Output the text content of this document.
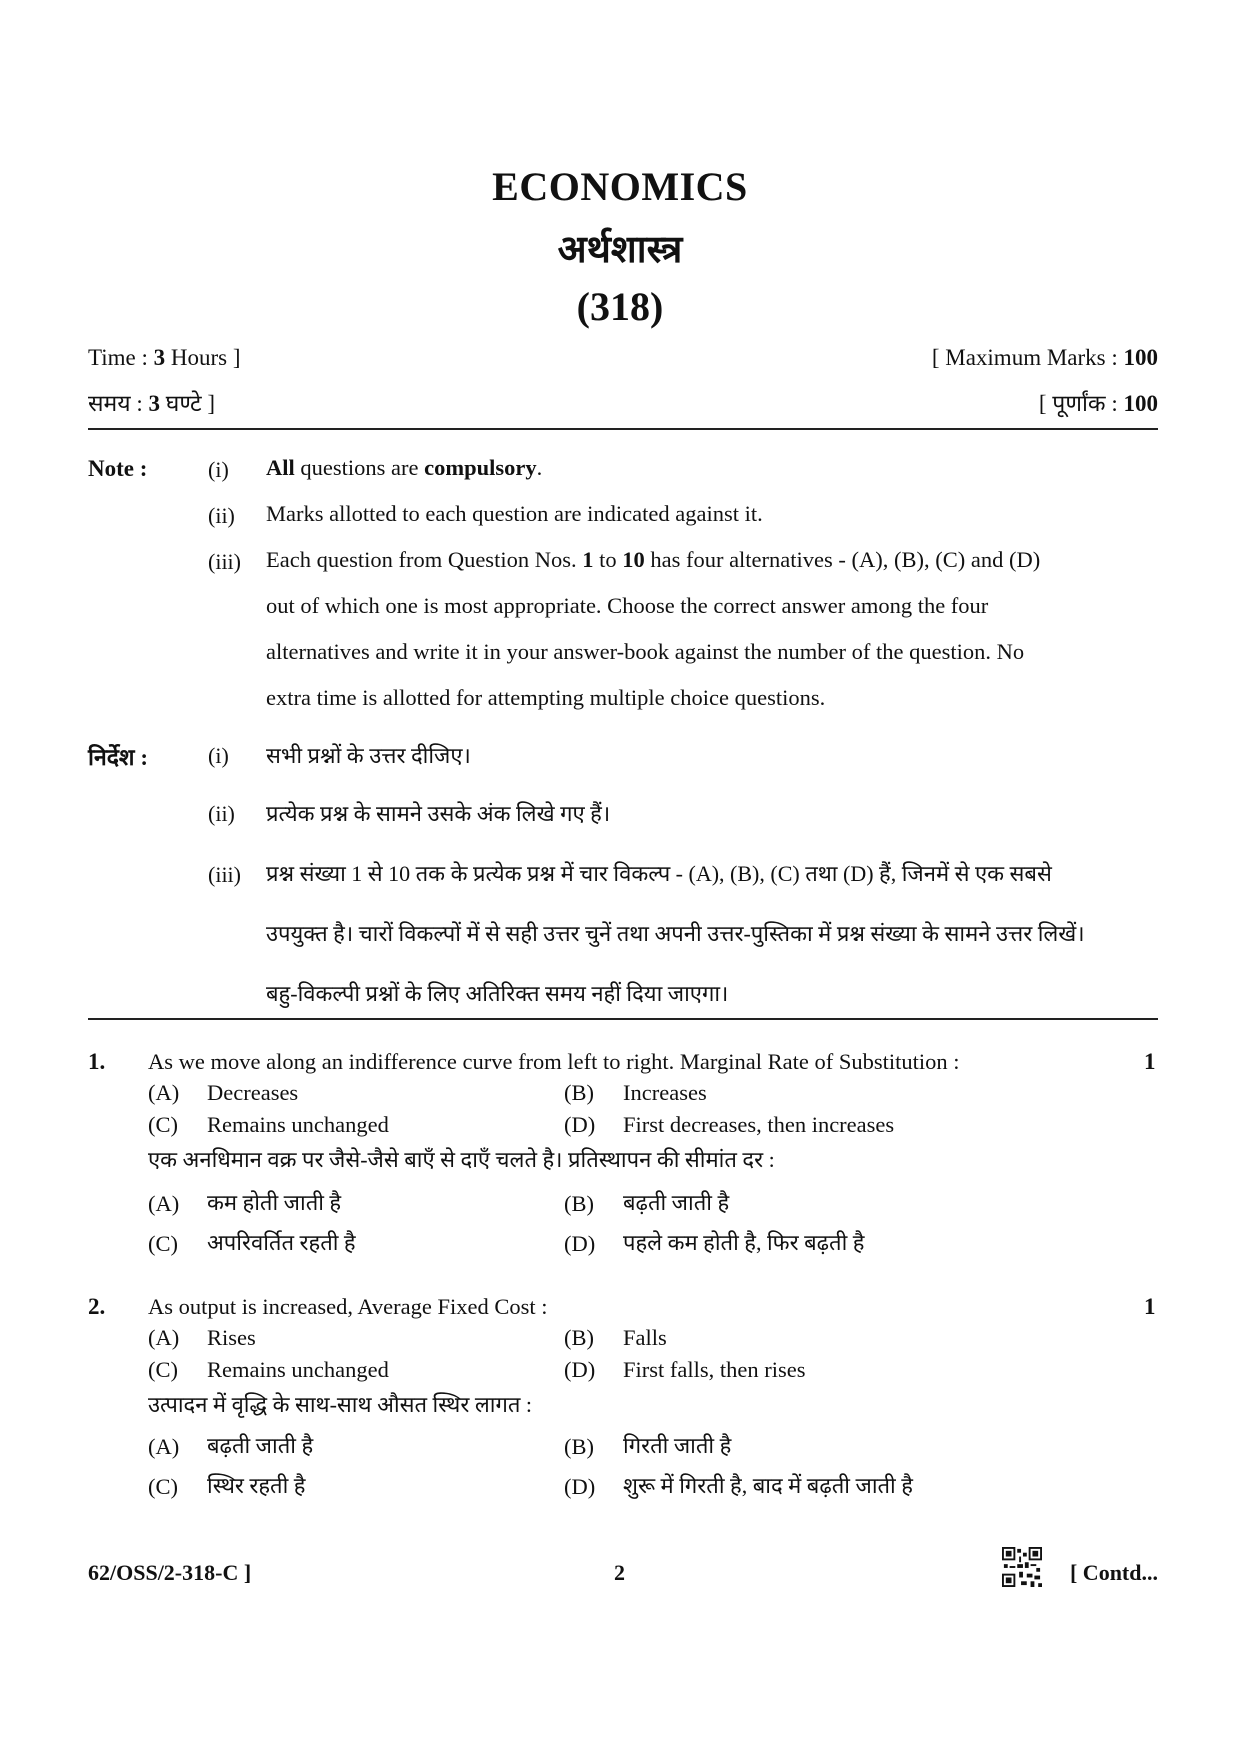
ECONOMICS
अर्थशास्त्र
(318)
Time : 3 Hours ]	[ Maximum Marks : 100
समय : 3 घण्टे ]	[ पूर्णांक : 100
Note :	(i) All questions are compulsory.
(ii) Marks allotted to each question are indicated against it.
(iii) Each question from Question Nos. 1 to 10 has four alternatives - (A), (B), (C) and (D)
out of which one is most appropriate. Choose the correct answer among the four
alternatives and write it in your answer-book against the number of the question. No
extra time is allotted for attempting multiple choice questions.
निर्देश :	(i) सभी प्रश्नों के उत्तर दीजिए।
(ii) प्रत्येक प्रश्न के सामने उसके अंक लिखे गए हैं।
(iii) प्रश्न संख्या 1 से 10 तक के प्रत्येक प्रश्न में चार विकल्प - (A), (B), (C) तथा (D) हैं, जिनमें से एक सबसे
उपयुक्त है। चारों विकल्पों में से सही उत्तर चुनें तथा अपनी उत्तर-पुस्तिका में प्रश्न संख्या के सामने उत्तर लिखें।
बहु-विकल्पी प्रश्नों के लिए अतिरिक्त समय नहीं दिया जाएगा।
1. As we move along an indifference curve from left to right. Marginal Rate of Substitution :	1
(A) Decreases	(B) Increases
(C) Remains unchanged	(D) First decreases, then increases
एक अनधिमान वक्र पर जैसे-जैसे बाएँ से दाएँ चलते है। प्रतिस्थापन की सीमांत दर :
(A) कम होती जाती है	(B) बढ़ती जाती है
(C) अपरिवर्तित रहती है	(D) पहले कम होती है, फिर बढ़ती है
2. As output is increased, Average Fixed Cost :	1
(A) Rises	(B) Falls
(C) Remains unchanged	(D) First falls, then rises
उत्पादन में वृद्धि के साथ-साथ औसत स्थिर लागत :
(A) बढ़ती जाती है	(B) गिरती जाती है
(C) स्थिर रहती है	(D) शुरू में गिरती है, बाद में बढ़ती जाती है
62/OSS/2-318-C ]	2	[ Contd...
